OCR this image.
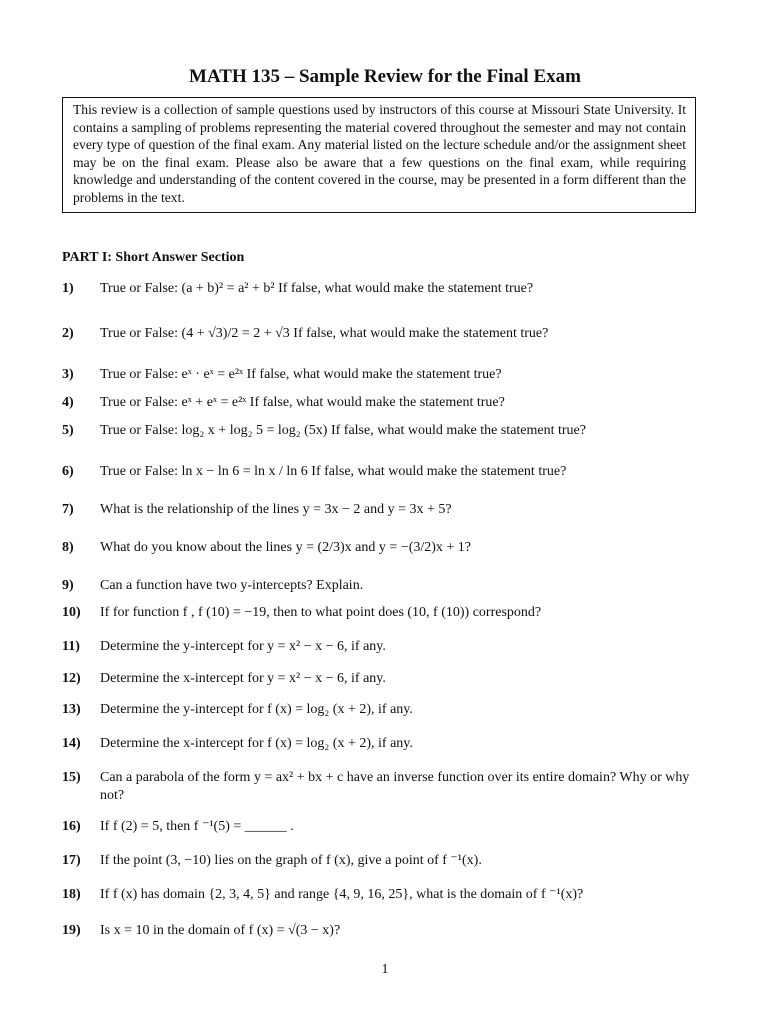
MATH 135 – Sample Review for the Final Exam
This review is a collection of sample questions used by instructors of this course at Missouri State University. It contains a sampling of problems representing the material covered throughout the semester and may not contain every type of question of the final exam. Any material listed on the lecture schedule and/or the assignment sheet may be on the final exam. Please also be aware that a few questions on the final exam, while requiring knowledge and understanding of the content covered in the course, may be presented in a form different than the problems in the text.
PART I: Short Answer Section
1) True or False: (a + b)² = a² + b² If false, what would make the statement true?
2) True or False: (4 + √3)/2 = 2 + √3 If false, what would make the statement true?
3) True or False: eˣ · eˣ = e²ˣ If false, what would make the statement true?
4) True or False: eˣ + eˣ = e²ˣ If false, what would make the statement true?
5) True or False: log₂ x + log₂ 5 = log₂ (5x) If false, what would make the statement true?
6) True or False: ln x − ln 6 = ln x / ln 6 If false, what would make the statement true?
7) What is the relationship of the lines y = 3x − 2 and y = 3x + 5?
8) What do you know about the lines y = (2/3)x and y = −(3/2)x + 1?
9) Can a function have two y-intercepts? Explain.
10) If for function f , f (10) = −19, then to what point does (10, f (10)) correspond?
11) Determine the y-intercept for y = x² − x − 6, if any.
12) Determine the x-intercept for y = x² − x − 6, if any.
13) Determine the y-intercept for f (x) = log₂ (x + 2), if any.
14) Determine the x-intercept for f (x) = log₂ (x + 2), if any.
15) Can a parabola of the form y = ax² + bx + c have an inverse function over its entire domain? Why or why not?
16) If f (2) = 5, then f ⁻¹(5) = ______ .
17) If the point (3, −10) lies on the graph of f (x), give a point of f ⁻¹(x).
18) If f (x) has domain {2, 3, 4, 5} and range {4, 9, 16, 25}, what is the domain of f ⁻¹(x)?
19) Is x = 10 in the domain of f (x) = √(3 − x)?
1
